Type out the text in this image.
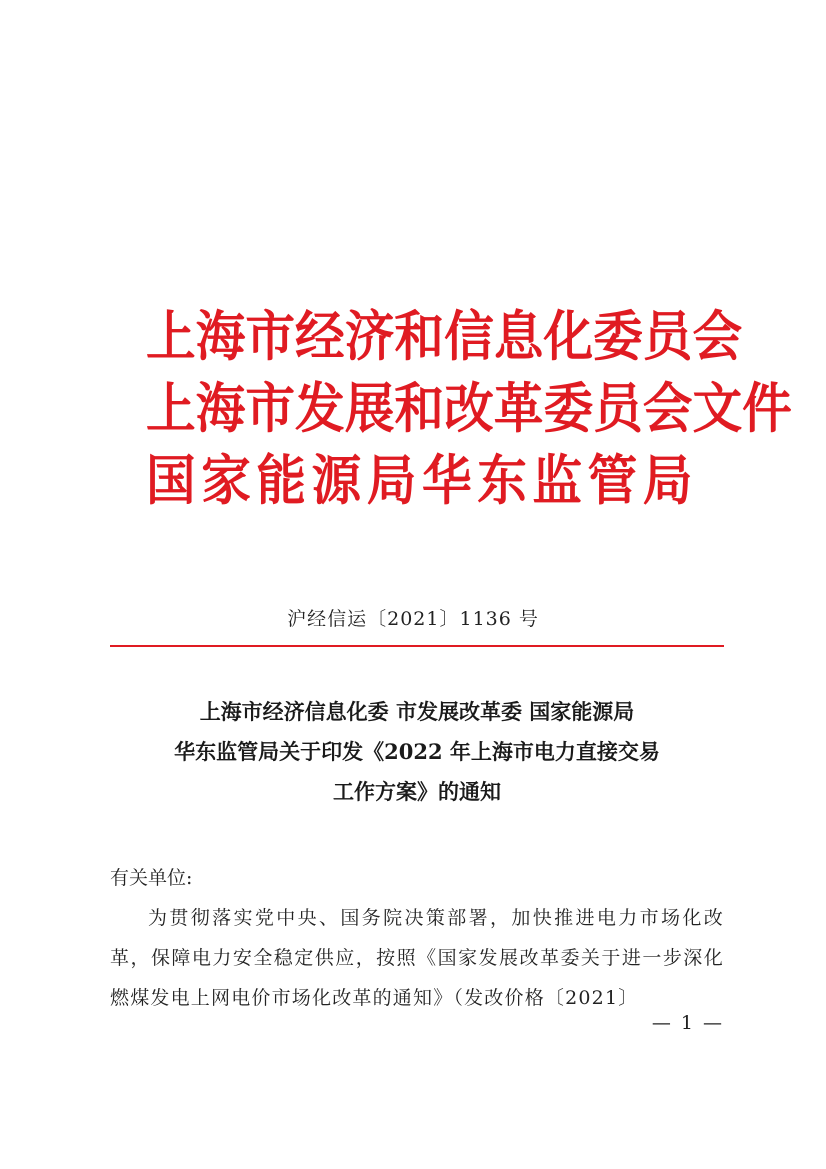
上海市经济和信息化委员会
上海市发展和改革委员会文件
国家能源局华东监管局
沪经信运〔2021〕1136 号
上海市经济信息化委 市发展改革委 国家能源局
华东监管局关于印发《2022 年上海市电力直接交易
工作方案》的通知
有关单位:
为贯彻落实党中央、国务院决策部署，加快推进电力市场化改革，保障电力安全稳定供应，按照《国家发展改革委关于进一步深化燃煤发电上网电价市场化改革的通知》（发改价格〔2021〕
— 1 —
